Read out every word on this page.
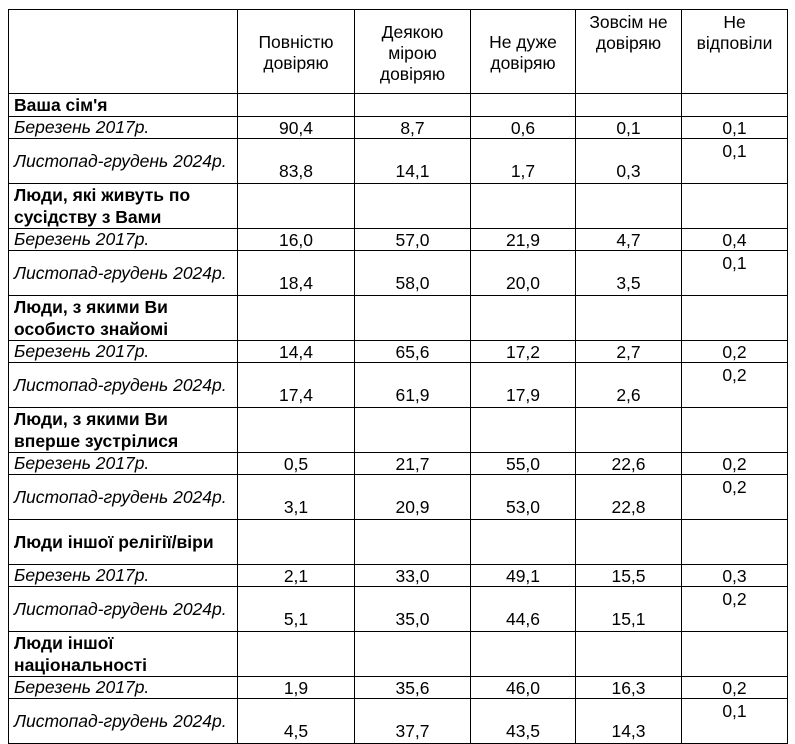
	Повністю довіряю	Деякою мірою довіряю	Не дуже довіряю	Зовсім не довіряю	Не відповіли
Ваша сім'я					
Березень 2017р.	90,4	8,7	0,6	0,1	0,1
Листопад-грудень 2024р.	83,8	14,1	1,7	0,3	0,1
Люди, які живуть по сусідству з Вами					
Березень 2017р.	16,0	57,0	21,9	4,7	0,4
Листопад-грудень 2024р.	18,4	58,0	20,0	3,5	0,1
Люди, з якими Ви особисто знайомі					
Березень 2017р.	14,4	65,6	17,2	2,7	0,2
Листопад-грудень 2024р.	17,4	61,9	17,9	2,6	0,2
Люди, з якими Ви вперше зустрілися					
Березень 2017р.	0,5	21,7	55,0	22,6	0,2
Листопад-грудень 2024р.	3,1	20,9	53,0	22,8	0,2
Люди іншої релігії/віри					
Березень 2017р.	2,1	33,0	49,1	15,5	0,3
Листопад-грудень 2024р.	5,1	35,0	44,6	15,1	0,2
Люди іншої національності					
Березень 2017р.	1,9	35,6	46,0	16,3	0,2
Листопад-грудень 2024р.	4,5	37,7	43,5	14,3	0,1
